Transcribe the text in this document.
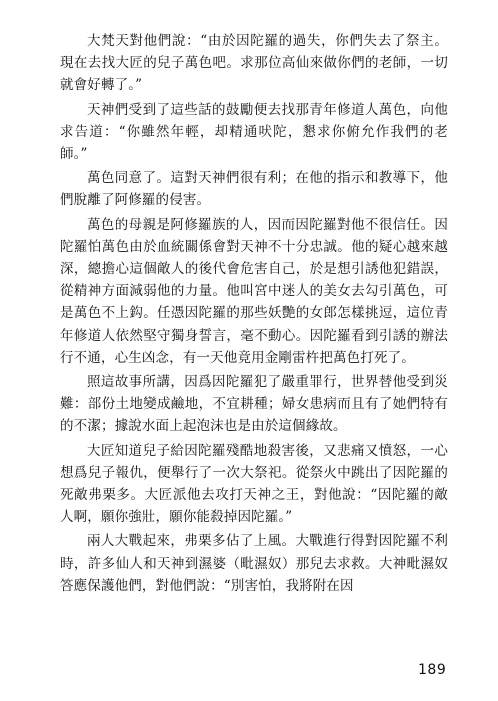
大梵天對他們說：“由於因陀羅的過失，你們失去了祭主。現在去找大匠的兒子萬色吧。求那位高仙來做你們的老師，一切就會好轉了。”

天神們受到了這些話的鼓勵便去找那青年修道人萬色，向他求告道：“你雖然年輕，却精通吠陀，懇求你俯允作我們的老師。”

萬色同意了。這對天神們很有利；在他的指示和教導下，他們脫離了阿修羅的侵害。

萬色的母親是阿修羅族的人，因而因陀羅對他不很信任。因陀羅怕萬色由於血統關係會對天神不十分忠誠。他的疑心越來越深，總擔心這個敵人的後代會危害自己，於是想引誘他犯錯誤，從精神方面減弱他的力量。他叫宮中迷人的美女去勾引萬色，可是萬色不上鈎。任憑因陀羅的那些妖艷的女郎怎樣挑逗，這位青年修道人依然堅守獨身誓言，毫不動心。因陀羅看到引誘的辦法行不通，心生凶念，有一天他竟用金剛雷杵把萬色打死了。

照這故事所講，因爲因陀羅犯了嚴重罪行，世界替他受到災難：部份土地變成鹼地，不宜耕種；婦女患病而且有了她們特有的不潔；據說水面上起泡沫也是由於這個緣故。

大匠知道兒子給因陀羅殘酷地殺害後，又悲痛又憤怒，一心想爲兒子報仇，便舉行了一次大祭祀。從祭火中跳出了因陀羅的死敵弗栗多。大匠派他去攻打天神之王，對他說：“因陀羅的敵人啊，願你強壯，願你能殺掉因陀羅。”

兩人大戰起來，弗栗多佔了上風。大戰進行得對因陀羅不利時，許多仙人和天神到濕婆（毗濕奴）那兒去求救。大神毗濕奴答應保護他們，對他們說：“別害怕，我將附在因

189
